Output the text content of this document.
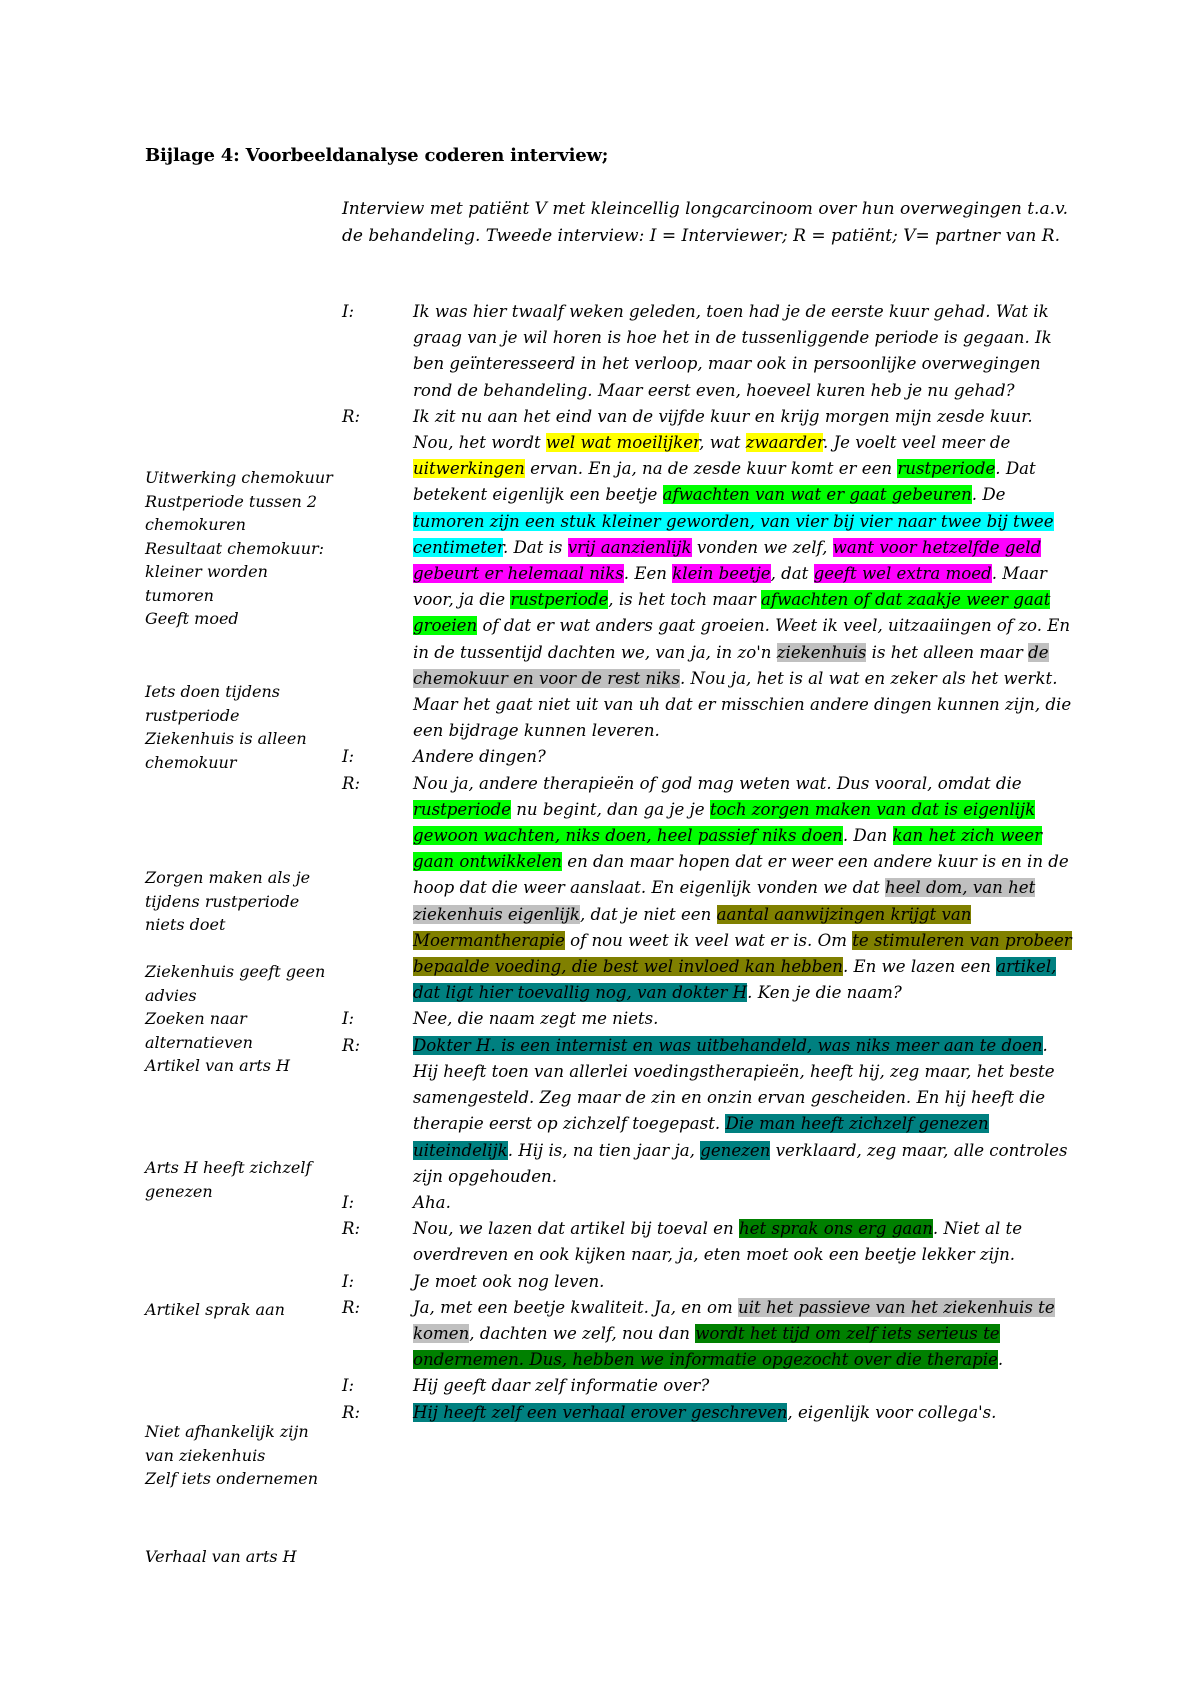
Bijlage 4: Voorbeeldanalyse coderen interview;
Interview met patiënt V met kleincellig longcarcinoom over hun overwegingen t.a.v. de behandeling. Tweede interview: I = Interviewer; R = patiënt; V= partner van R.
Uitwerking chemokuur
Rustperiode tussen 2 chemokuren
Resultaat chemokuur: kleiner worden tumoren
Geeft moed
Iets doen tijdens rustperiode
Ziekenhuis is alleen chemokuur
Zorgen maken als je tijdens rustperiode niets doet
Ziekenhuis geeft geen advies
Zoeken naar alternatieven
Artikel van arts H
Arts H heeft zichzelf genezen
Artikel sprak aan
Niet afhankelijk zijn van ziekenhuis
Zelf iets ondernemen
Verhaal van arts H
I:	Ik was hier twaalf weken geleden, toen had je de eerste kuur gehad. Wat ik graag van je wil horen is hoe het in de tussenliggende periode is gegaan. Ik ben geïnteresseerd in het verloop, maar ook in persoonlijke overwegingen rond de behandeling. Maar eerst even, hoeveel kuren heb je nu gehad?
R:	Ik zit nu aan het eind van de vijfde kuur en krijg morgen mijn zesde kuur. Nou, het wordt wel wat moeilijker, wat zwaarder. Je voelt veel meer de uitwerkingen ervan. En ja, na de zesde kuur komt er een rustperiode. Dat betekent eigenlijk een beetje afwachten van wat er gaat gebeuren. De tumoren zijn een stuk kleiner geworden, van vier bij vier naar twee bij twee centimeter. Dat is vrij aanzienlijk vonden we zelf, want voor hetzelfde geld gebeurt er helemaal niks. Een klein beetje, dat geeft wel extra moed. Maar voor, ja die rustperiode, is het toch maar afwachten of dat zaakje weer gaat groeien of dat er wat anders gaat groeien. Weet ik veel, uitzaaiingen of zo. En in de tussentijd dachten we, van ja, in zo'n ziekenhuis is het alleen maar de chemokuur en voor de rest niks. Nou ja, het is al wat en zeker als het werkt. Maar het gaat niet uit van uh dat er misschien andere dingen kunnen zijn, die een bijdrage kunnen leveren.
I:	Andere dingen?
R:	Nou ja, andere therapieën of god mag weten wat. Dus vooral, omdat die rustperiode nu begint, dan ga je je toch zorgen maken van dat is eigenlijk gewoon wachten, niks doen, heel passief niks doen. Dan kan het zich weer gaan ontwikkelen en dan maar hopen dat er weer een andere kuur is en in de hoop dat die weer aanslaat. En eigenlijk vonden we dat heel dom, van het ziekenhuis eigenlijk, dat je niet een aantal aanwijzingen krijgt van Moermantherapie of nou weet ik veel wat er is. Om te stimuleren van probeer bepaalde voeding, die best wel invloed kan hebben. En we lazen een artikel, dat ligt hier toevallig nog, van dokter H. Ken je die naam?
I:	Nee, die naam zegt me niets.
R:	Dokter H. is een internist en was uitbehandeld, was niks meer aan te doen. Hij heeft toen van allerlei voedingstherapieën, heeft hij, zeg maar, het beste samengesteld. Zeg maar de zin en onzin ervan gescheiden. En hij heeft die therapie eerst op zichzelf toegepast. Die man heeft zichzelf genezen uiteindelijk. Hij is, na tien jaar ja, genezen verklaard, zeg maar, alle controles zijn opgehouden.
I:	Aha.
R:	Nou, we lazen dat artikel bij toeval en het sprak ons erg gaan. Niet al te overdreven en ook kijken naar, ja, eten moet ook een beetje lekker zijn.
I:	Je moet ook nog leven.
R:	Ja, met een beetje kwaliteit. Ja, en om uit het passieve van het ziekenhuis te komen, dachten we zelf, nou dan wordt het tijd om zelf iets serieus te ondernemen. Dus, hebben we informatie opgezocht over die therapie.
I:	Hij geeft daar zelf informatie over?
R:	Hij heeft zelf een verhaal erover geschreven, eigenlijk voor collega's.
